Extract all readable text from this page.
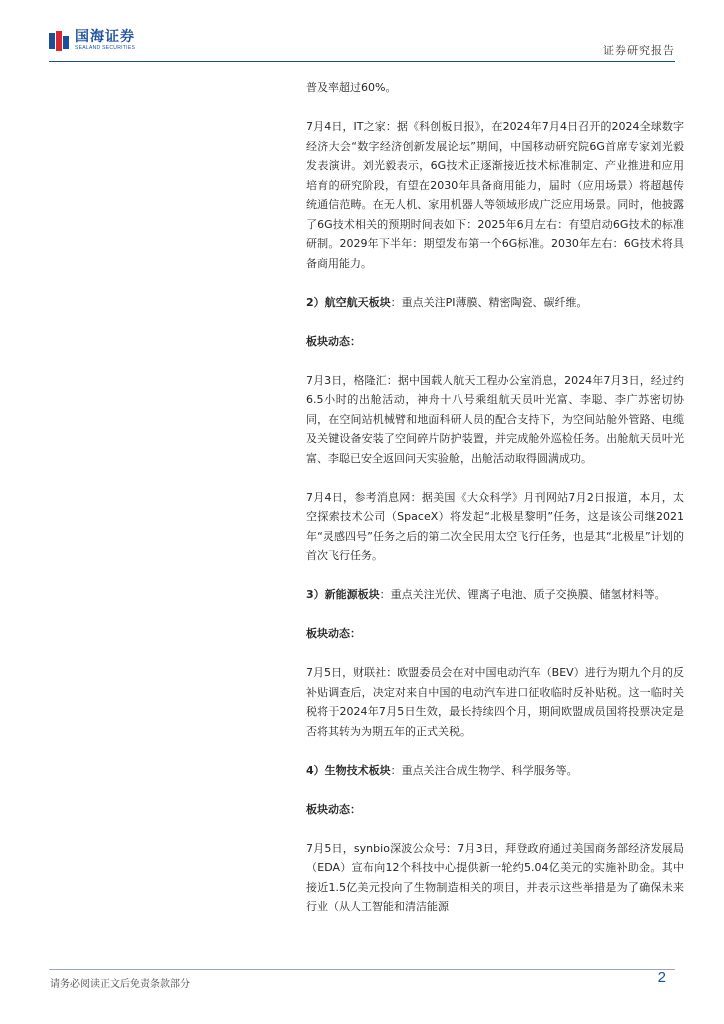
国海证券
SEALAND SECURITIES	证券研究报告

普及率超过60%。

7月4日，IT之家：据《科创板日报》，在2024年7月4日召开的2024全球数字经济大会“数字经济创新发展论坛”期间，中国移动研究院6G首席专家刘光毅发表演讲。刘光毅表示，6G技术正逐渐接近技术标准制定、产业推进和应用培育的研究阶段，有望在2030年具备商用能力，届时（应用场景）将超越传统通信范畴。在无人机、家用机器人等领域形成广泛应用场景。同时，他披露了6G技术相关的预期时间表如下：2025年6月左右：有望启动6G技术的标准研制。2029年下半年：期望发布第一个6G标准。2030年左右：6G技术将具备商用能力。

2）航空航天板块：重点关注PI薄膜、精密陶瓷、碳纤维。

板块动态：

7月3日，格隆汇：据中国载人航天工程办公室消息，2024年7月3日，经过约6.5小时的出舱活动，神舟十八号乘组航天员叶光富、李聪、李广苏密切协同，在空间站机械臂和地面科研人员的配合支持下，为空间站舱外管路、电缆及关键设备安装了空间碎片防护装置，并完成舱外巡检任务。出舱航天员叶光富、李聪已安全返回问天实验舱，出舱活动取得圆满成功。

7月4日，参考消息网：据美国《大众科学》月刊网站7月2日报道，本月，太空探索技术公司（SpaceX）将发起“北极星黎明”任务，这是该公司继2021年“灵感四号”任务之后的第二次全民用太空飞行任务，也是其“北极星”计划的首次飞行任务。

3）新能源板块：重点关注光伏、锂离子电池、质子交换膜、储氢材料等。

板块动态：

7月5日，财联社：欧盟委员会在对中国电动汽车（BEV）进行为期九个月的反补贴调查后，决定对来自中国的电动汽车进口征收临时反补贴税。这一临时关税将于2024年7月5日生效，最长持续四个月，期间欧盟成员国将投票决定是否将其转为为期五年的正式关税。

4）生物技术板块：重点关注合成生物学、科学服务等。

板块动态：

7月5日，synbio深波公众号：7月3日，拜登政府通过美国商务部经济发展局（EDA）宣布向12个科技中心提供新一轮约5.04亿美元的实施补助金。其中接近1.5亿美元投向了生物制造相关的项目，并表示这些举措是为了确保未来行业（从人工智能和清洁能源

请务必阅读正文后免责条款部分	2
